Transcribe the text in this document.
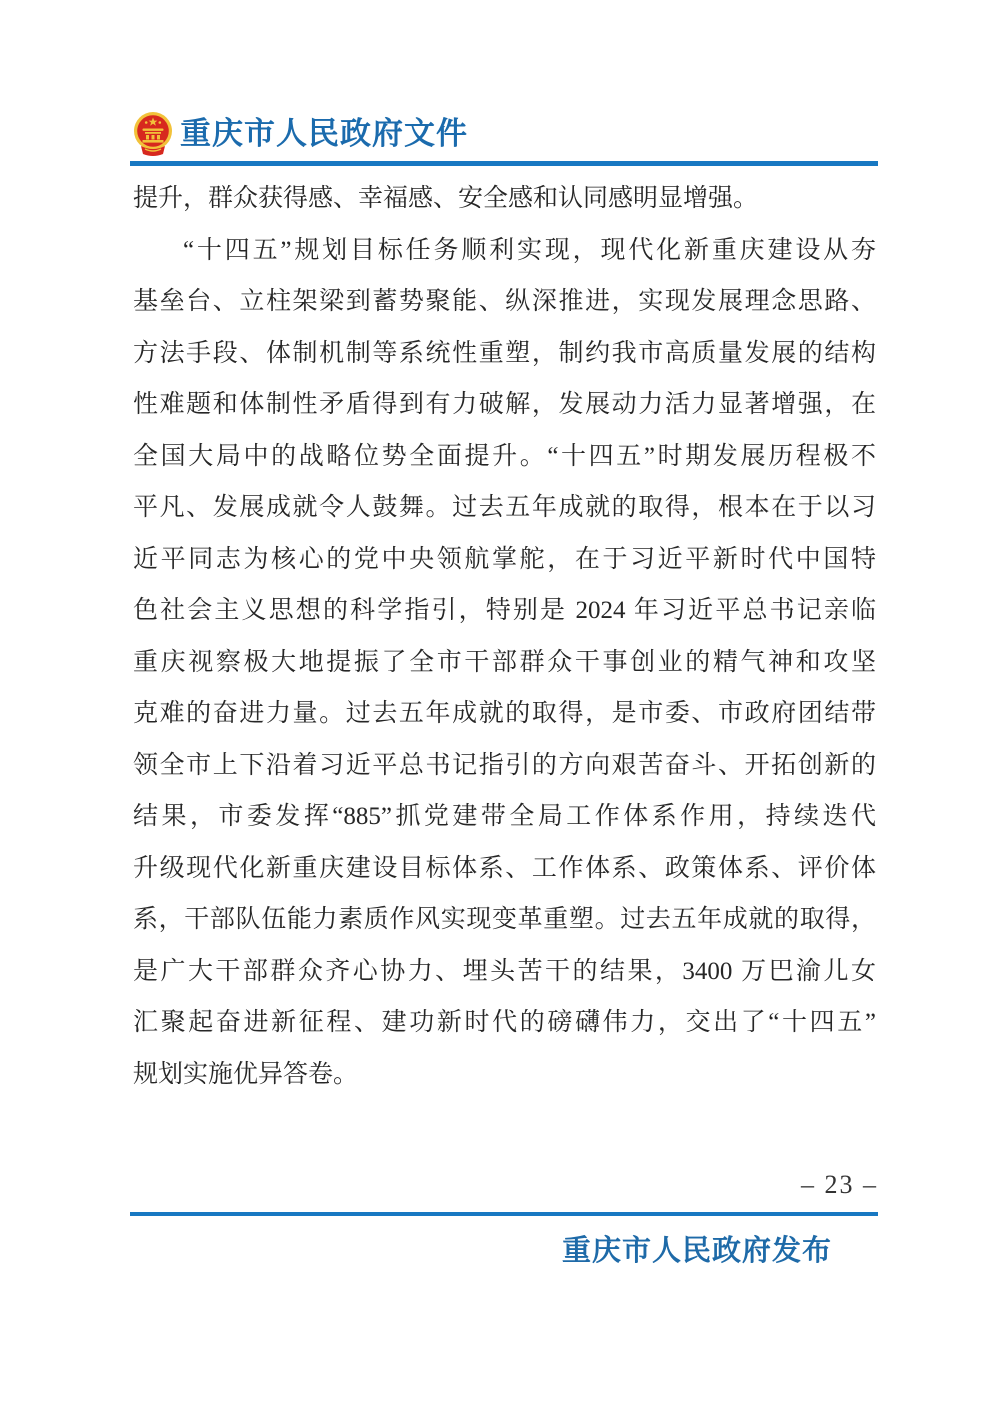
重庆市人民政府文件
提升，群众获得感、幸福感、安全感和认同感明显增强。
“十四五”规划目标任务顺利实现，现代化新重庆建设从夯
基垒台、立柱架梁到蓄势聚能、纵深推进，实现发展理念思路、
方法手段、体制机制等系统性重塑，制约我市高质量发展的结构
性难题和体制性矛盾得到有力破解，发展动力活力显著增强，在
全国大局中的战略位势全面提升。“十四五”时期发展历程极不
平凡、发展成就令人鼓舞。过去五年成就的取得，根本在于以习
近平同志为核心的党中央领航掌舵，在于习近平新时代中国特
色社会主义思想的科学指引，特别是 2024 年习近平总书记亲临
重庆视察极大地提振了全市干部群众干事创业的精气神和攻坚
克难的奋进力量。过去五年成就的取得，是市委、市政府团结带
领全市上下沿着习近平总书记指引的方向艰苦奋斗、开拓创新的
结果，市委发挥“885”抓党建带全局工作体系作用，持续迭代
升级现代化新重庆建设目标体系、工作体系、政策体系、评价体
系，干部队伍能力素质作风实现变革重塑。过去五年成就的取得，
是广大干部群众齐心协力、埋头苦干的结果，3400 万巴渝儿女
汇聚起奋进新征程、建功新时代的磅礴伟力，交出了“十四五”
规划实施优异答卷。
– 23 –
重庆市人民政府发布
